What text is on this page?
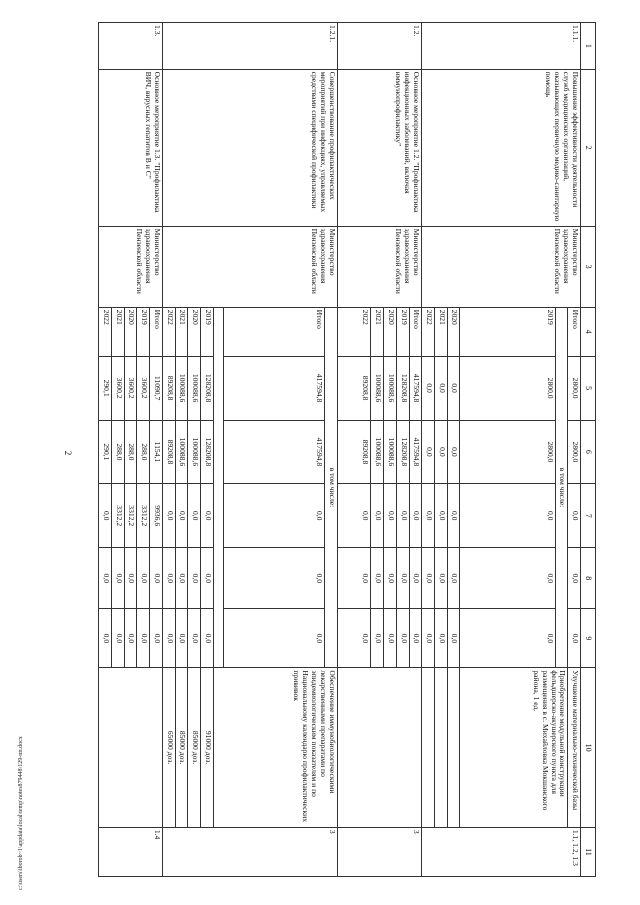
2
c:\users\iborob~1\appdata\local\temp\notes879448\129-пп.docx
1	2	3	4	5	6	7	8	9	10	11
1.1.1.	Повышение эффективности деятельности служб медицинских организаций, оказывающих первичную медико-санитарную помощь	Министерство здравоохранения Пензенской области	Итого	2800,0	2800,0	0,0	0,0	0,0	Улучшение материально-технической базы	1.1, 1.2, 1.3
			в том числе:						Приобретение модульной конструкции фельдшерско-акушерского пункта для размещения в с. Михайловка Мокшанского района, 1 ед.	
			2019	2800,0	2800,0	0,0	0,0	0,0		
			2020	0,0	0,0	0,0	0,0	0,0		
			2021	0,0	0,0	0,0	0,0	0,0		
			2022	0,0	0,0	0,0	0,0	0,0		
1.2.	Основное мероприятие 1.2. "Профилактика инфекционных заболеваний, включая иммунопрофилактику"	Министерство здравоохранения Пензенской области	Итого	417594,8	417594,8	0,0	0,0	0,0		3
			2019	128208,8	128208,8	0,0	0,0	0,0		
			2020	100088,6	100088,6	0,0	0,0	0,0		
			2021	100088,6	100088,6	0,0	0,0	0,0		
			2022	89208,8	89208,8	0,0	0,0	0,0		
1.2.1.	Совершенствование профилактических мероприятий при инфекциях, управляемых средствами специфической профилактики	Министерство здравоохранения Пензенской области	в том числе:						Обеспечение иммунобиологическими лекарственными препаратами по эпидемиологическим показателям и по Национальному календарю профилактических прививок	3
			Итого	417594,8	417594,8	0,0	0,0	0,0		

			2019	128208,8	128208,8	0,0	0,0	0,0	91000 доз.	
			2020	100088,6	100088,6	0,0	0,0	0,0	85000 доз.	
			2021	100088,6	100088,6	0,0	0,0	0,0	85000 доз.	
			2022	89208,8	89208,8	0,0	0,0	0,0	65000 доз.	
1.3.	Основное мероприятие 1.3. "Профилактика ВИЧ, вирусных гепатитов В и С"	Министерство здравоохранения Пензенской области	Итого	11090,7	1154,1	9936,6	0,0	0,0		1.4
			2019	3600,2	288,0	3312,2	0,0	0,0		
			2020	3600,2	288,0	3312,2	0,0	0,0		
			2021	3600,2	288,0	3312,2	0,0	0,0		
			2022	290,1	290,1	0,0	0,0	0,0		
